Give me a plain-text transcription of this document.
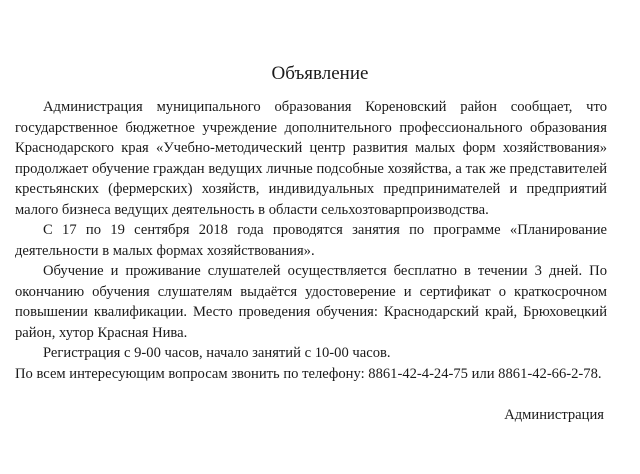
Объявление

Администрация муниципального образования Кореновский район сообщает, что государственное бюджетное учреждение дополнительного профессионального образования Краснодарского края «Учебно-методический центр развития малых форм хозяйствования» продолжает обучение граждан ведущих личные подсобные хозяйства, а так же представителей крестьянских (фермерских) хозяйств, индивидуальных предпринимателей и предприятий малого бизнеса ведущих деятельность в области сельхозтоварпроизводства.

С 17 по 19 сентября 2018 года проводятся занятия по программе «Планирование деятельности в малых формах хозяйствования».

Обучение и проживание слушателей осуществляется бесплатно в течении 3 дней. По окончанию обучения слушателям выдаётся удостоверение и сертификат о краткосрочном повышении квалификации. Место проведения обучения: Краснодарский край, Брюховецкий район, хутор Красная Нива.

Регистрация с 9-00 часов, начало занятий с 10-00 часов.

По всем интересующим вопросам звонить по телефону: 8861-42-4-24-75 или 8861-42-66-2-78.

Администрация
